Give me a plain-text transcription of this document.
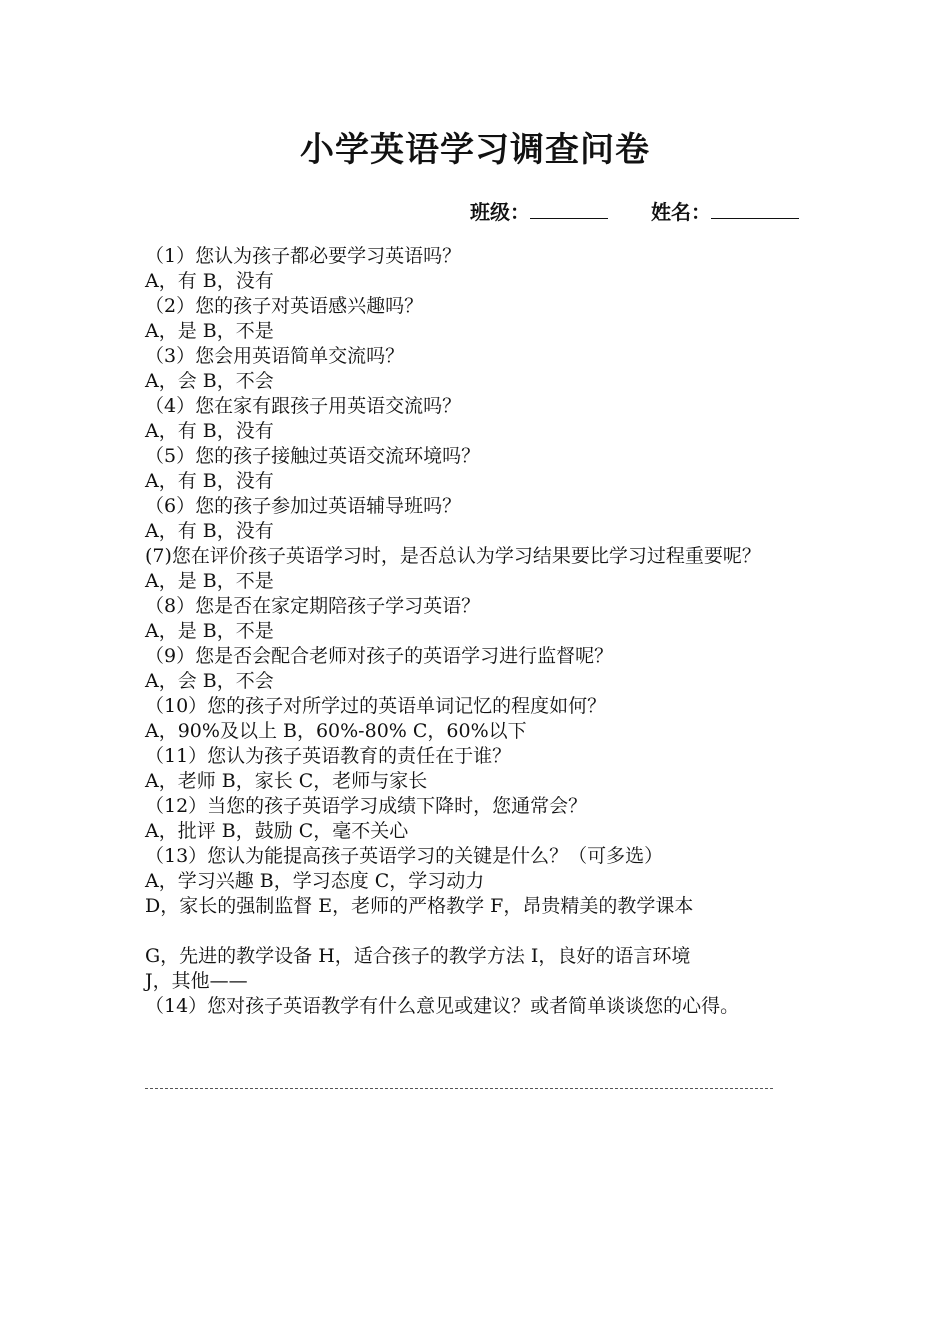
小学英语学习调查问卷
班级：	姓名：
（1）您认为孩子都必要学习英语吗？
A，有 B，没有
（2）您的孩子对英语感兴趣吗？
A，是 B，不是
（3）您会用英语简单交流吗？
A，会 B，不会
（4）您在家有跟孩子用英语交流吗？
A，有 B，没有
（5）您的孩子接触过英语交流环境吗？
A，有 B，没有
（6）您的孩子参加过英语辅导班吗？
A，有 B，没有
(7)您在评价孩子英语学习时，是否总认为学习结果要比学习过程重要呢？
A，是 B，不是
（8）您是否在家定期陪孩子学习英语？
A，是 B，不是
（9）您是否会配合老师对孩子的英语学习进行监督呢？
A，会 B，不会
（10）您的孩子对所学过的英语单词记忆的程度如何？
A，90%及以上 B，60%-80% C，60%以下
（11）您认为孩子英语教育的责任在于谁？
A，老师 B，家长 C，老师与家长
（12）当您的孩子英语学习成绩下降时，您通常会？
A，批评 B，鼓励 C，毫不关心
（13）您认为能提高孩子英语学习的关键是什么？（可多选）
A，学习兴趣 B，学习态度 C，学习动力
D，家长的强制监督 E，老师的严格教学 F，昂贵精美的教学课本
G，先进的教学设备 H，适合孩子的教学方法 I，良好的语言环境
J，其他——
（14）您对孩子英语教学有什么意见或建议？或者简单谈谈您的心得。
